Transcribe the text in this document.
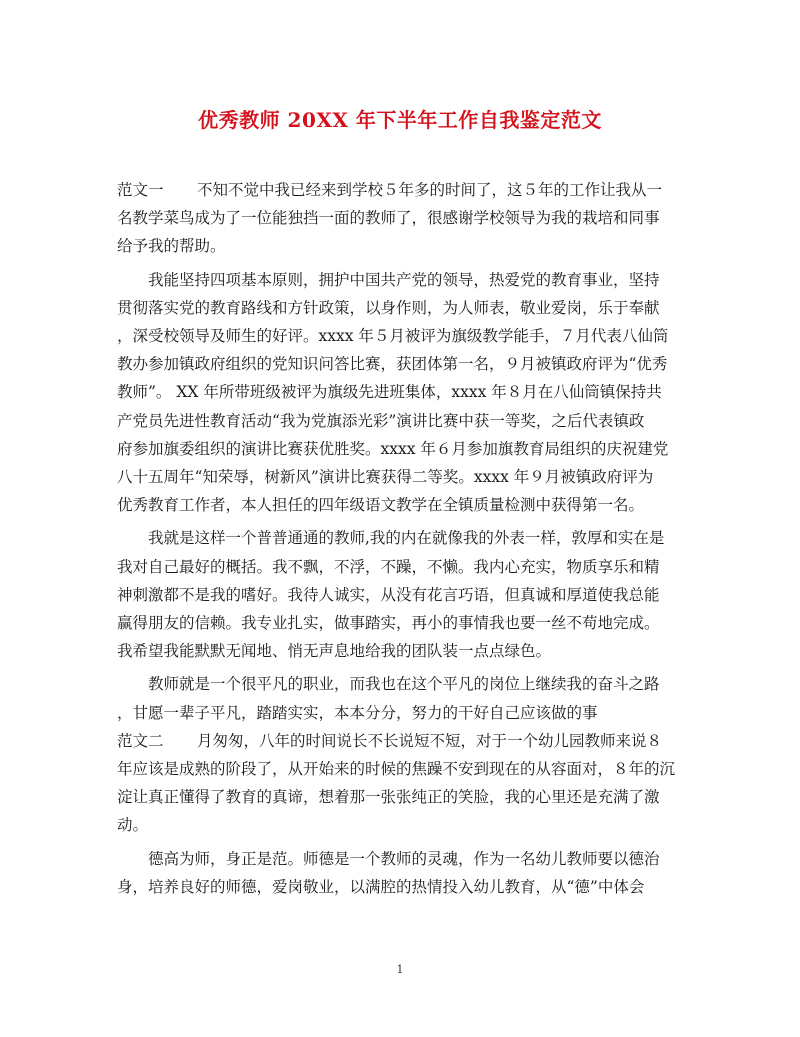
优秀教师 20XX 年下半年工作自我鉴定范文
范文一 不知不觉中我已经来到学校５年多的时间了，这５年的工作让我从一
名教学菜鸟成为了一位能独挡一面的教师了，很感谢学校领导为我的栽培和同事
给予我的帮助。
我能坚持四项基本原则，拥护中国共产党的领导，热爱党的教育事业，坚持
贯彻落实党的教育路线和方针政策，以身作则，为人师表，敬业爱岗，乐于奉献
，深受校领导及师生的好评。xxxx 年５月被评为旗级教学能手，７月代表八仙筒
教办参加镇政府组织的党知识问答比赛，获团体第一名，９月被镇政府评为“优秀
教师”。 XX 年所带班级被评为旗级先进班集体，xxxx 年８月在八仙筒镇保持共
产党员先进性教育活动“我为党旗添光彩”演讲比赛中获一等奖，之后代表镇政
府参加旗委组织的演讲比赛获优胜奖。xxxx 年６月参加旗教育局组织的庆祝建党
八十五周年“知荣辱，树新风”演讲比赛获得二等奖。xxxx 年９月被镇政府评为
优秀教育工作者，本人担任的四年级语文教学在全镇质量检测中获得第一名。
我就是这样一个普普通通的教师,我的内在就像我的外表一样，敦厚和实在是
我对自己最好的概括。我不飘，不浮，不躁，不懒。我内心充实，物质享乐和精
神刺激都不是我的嗜好。我待人诚实，从没有花言巧语，但真诚和厚道使我总能
赢得朋友的信赖。我专业扎实，做事踏实，再小的事情我也要一丝不苟地完成。
我希望我能默默无闻地、悄无声息地给我的团队装一点点绿色。
教师就是一个很平凡的职业，而我也在这个平凡的岗位上继续我的奋斗之路
，甘愿一辈子平凡，踏踏实实，本本分分，努力的干好自己应该做的事
范文二 月匆匆，八年的时间说长不长说短不短，对于一个幼儿园教师来说８
年应该是成熟的阶段了，从开始来的时候的焦躁不安到现在的从容面对，８年的沉
淀让真正懂得了教育的真谛，想着那一张张纯正的笑脸，我的心里还是充满了激
动。
德高为师，身正是范。师德是一个教师的灵魂，作为一名幼儿教师要以德治
身，培养良好的师德，爱岗敬业，以满腔的热情投入幼儿教育，从“德”中体会
1
